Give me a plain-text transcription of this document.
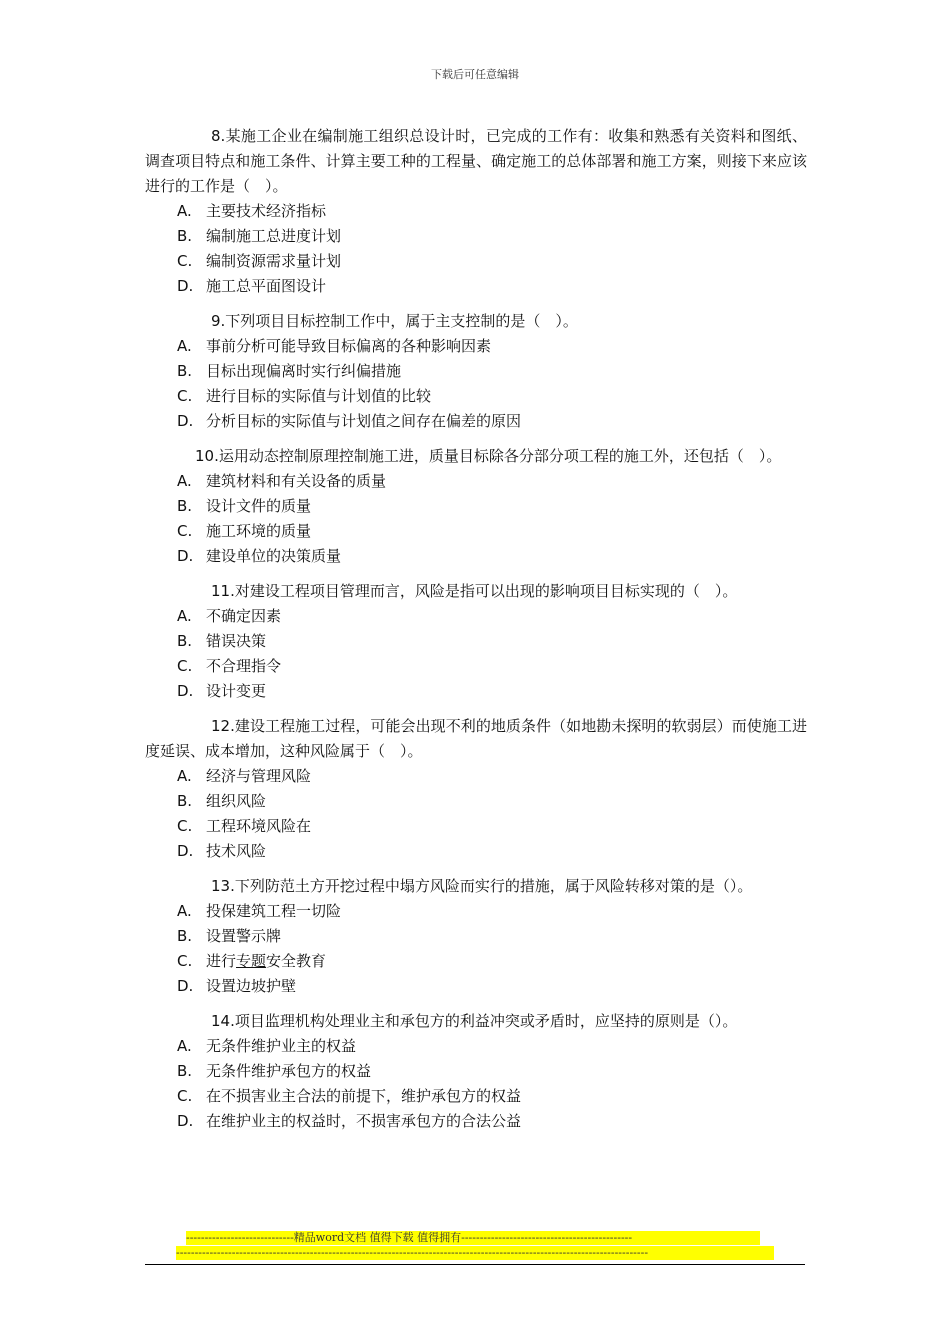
下载后可任意编辑

8.某施工企业在编制施工组织总设计时，已完成的工作有：收集和熟悉有关资料和图纸、调查项目特点和施工条件、计算主要工种的工程量、确定施工的总体部署和施工方案，则接下来应该进行的工作是（　）。

A. 主要技术经济指标

B. 编制施工总进度计划

C. 编制资源需求量计划

D. 施工总平面图设计

9.下列项目目标控制工作中，属于主支控制的是（　）。

A. 事前分析可能导致目标偏离的各种影响因素

B. 目标出现偏离时实行纠偏措施

C. 进行目标的实际值与计划值的比较

D. 分析目标的实际值与计划值之间存在偏差的原因

10.运用动态控制原理控制施工进，质量目标除各分部分项工程的施工外，还包括（　）。

A. 建筑材料和有关设备的质量

B. 设计文件的质量

C. 施工环境的质量

D. 建设单位的决策质量

11.对建设工程项目管理而言，风险是指可以出现的影响项目目标实现的（　）。

A. 不确定因素

B. 错误决策

C. 不合理指令

D. 设计变更

12.建设工程施工过程，可能会出现不利的地质条件（如地勘未探明的软弱层）而使施工进度延误、成本增加，这种风险属于（　）。

A. 经济与管理风险

B. 组织风险

C. 工程环境风险在

D. 技术风险

13.下列防范土方开挖过程中塌方风险而实行的措施，属于风险转移对策的是（）。

A. 投保建筑工程一切险

B. 设置警示牌

C. 进行专题安全教育

D. 设置边坡护壁

14.项目监理机构处理业主和承包方的利益冲突或矛盾时，应坚持的原则是（）。

A. 无条件维护业主的权益

B. 无条件维护承包方的权益

C. 在不损害业主合法的前提下，维护承包方的权益

D. 在维护业主的权益时，不损害承包方的合法公益

-----------------------------精品word文档 值得下载 值得拥有----------------------------------------------
-------------------------------------------------------------------------------------------------------------------------------
